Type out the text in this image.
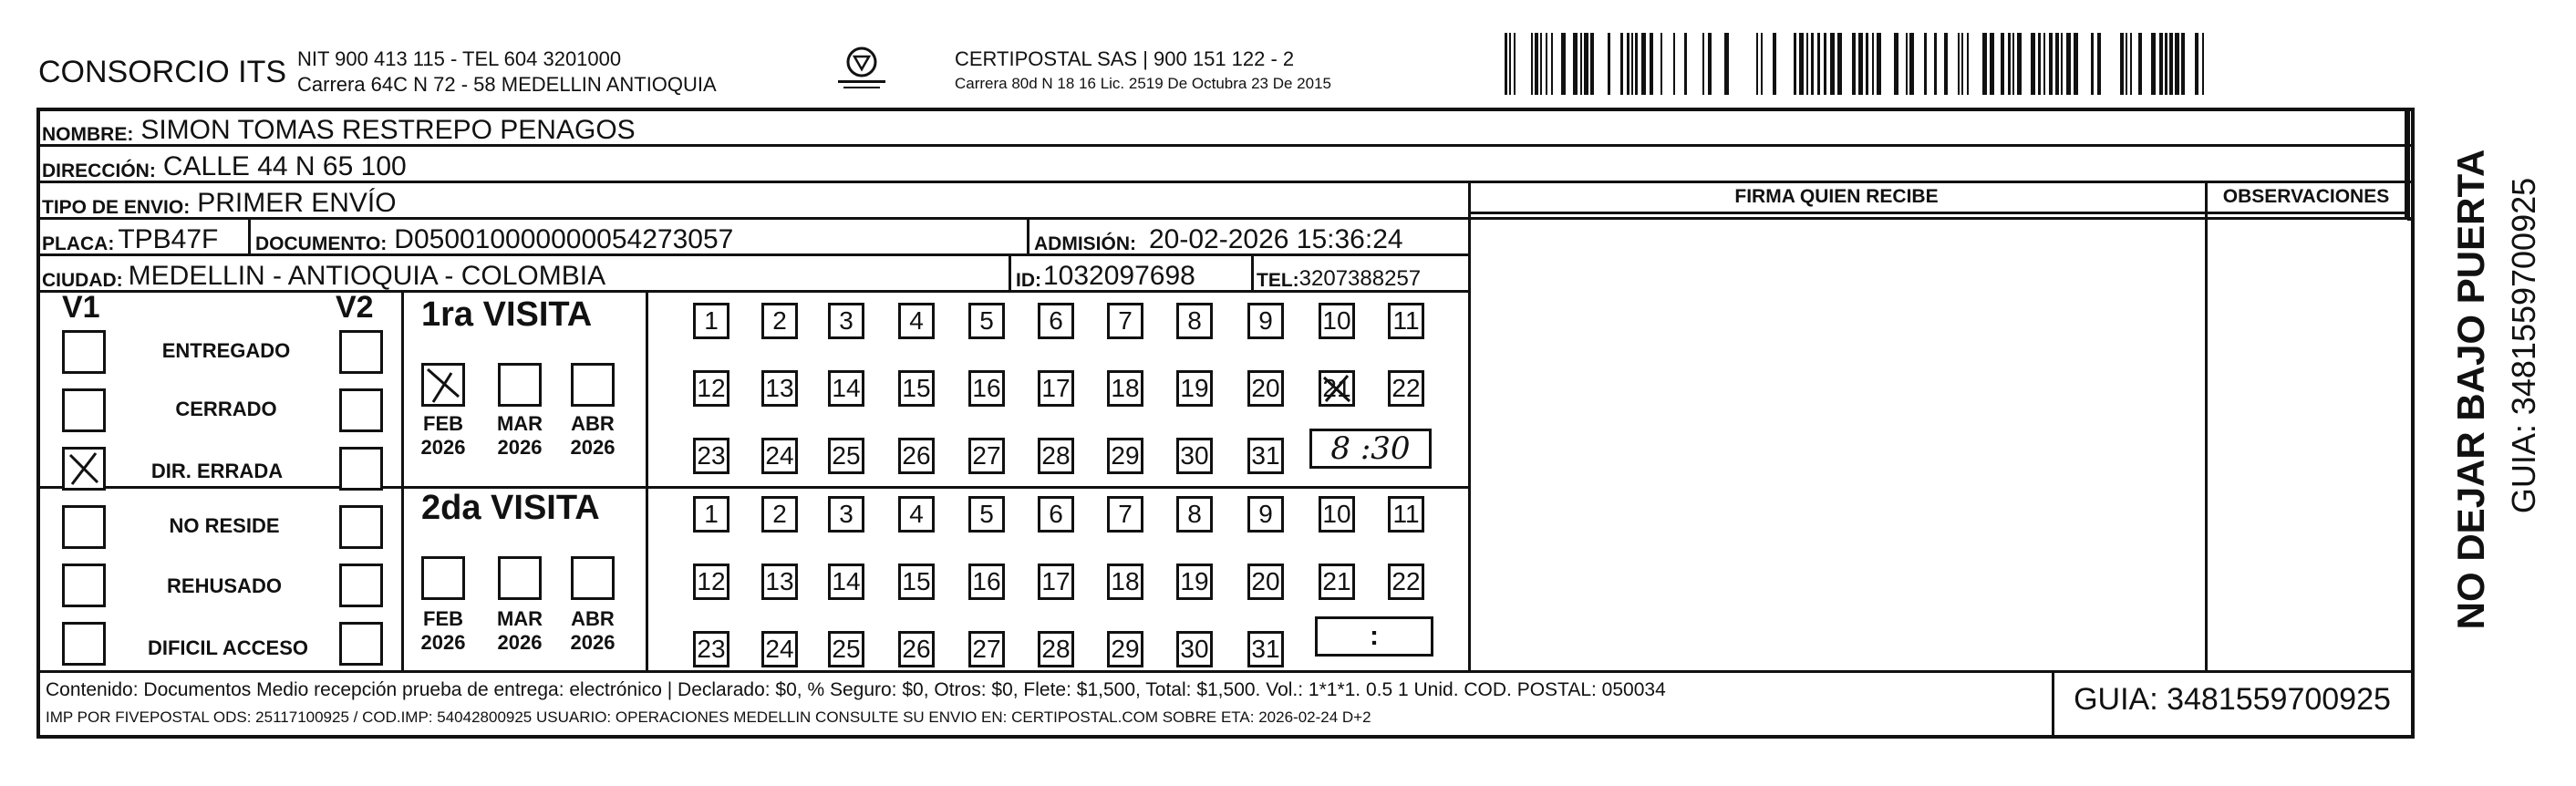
CONSORCIO ITS NIT 900 413 115 - TEL 604 3201000
Carrera 64C N 72 - 58 MEDELLIN ANTIOQUIA
CERTIPOSTAL SAS | 900 151 122 - 2
Carrera 80d N 18 16 Lic. 2519 De Octubra 23 De 2015
NOMBRE: SIMON TOMAS RESTREPO PENAGOS
DIRECCIÓN: CALLE 44 N 65 100
TIPO DE ENVIO: PRIMER ENVÍO	FIRMA QUIEN RECIBE	OBSERVACIONES
PLACA: TPB47F DOCUMENTO: D050010000000054273057	ADMISIÓN: 20-02-2026 15:36:24
CIUDAD: MEDELLIN - ANTIOQUIA - COLOMBIA	ID: 1032097698	TEL: 3207388257
V1	V2
ENTREGADO
CERRADO
DIR. ERRADA
NO RESIDE
REHUSADO
DIFICIL ACCESO
1ra VISITA
2da VISITA
FEB
2026
MAR
2026
ABR
2026
FEB
2026
MAR
2026
ABR
2026
1	2	3	4	5	6	7	8	9	10 11
12 13 14 15 16 17 18 19 20 21 22
23 24 25 26 27 28 29 30 31
1	2	3	4	5	6	7	8	9	10 11
12 13 14 15 16 17 18 19 20 21 22
23 24 25 26 27 28 29 30 31
8 :30
:
NO DEJAR BAJO PUERTA GUIA: 3481559700925
Contenido: Documentos Medio recepción prueba de entrega: electrónico | Declarado: $0, % Seguro: $0, Otros: $0, Flete: $1,500, Total: $1,500. Vol.: 1*1*1. 0.5 1 Unid. COD. POSTAL: 050034
IMP POR FIVEPOSTAL ODS: 25117100925 / COD.IMP: 54042800925 USUARIO: OPERACIONES MEDELLIN CONSULTE SU ENVIO EN: CERTIPOSTAL.COM SOBRE ETA: 2026-02-24 D+2
GUIA: 3481559700925
